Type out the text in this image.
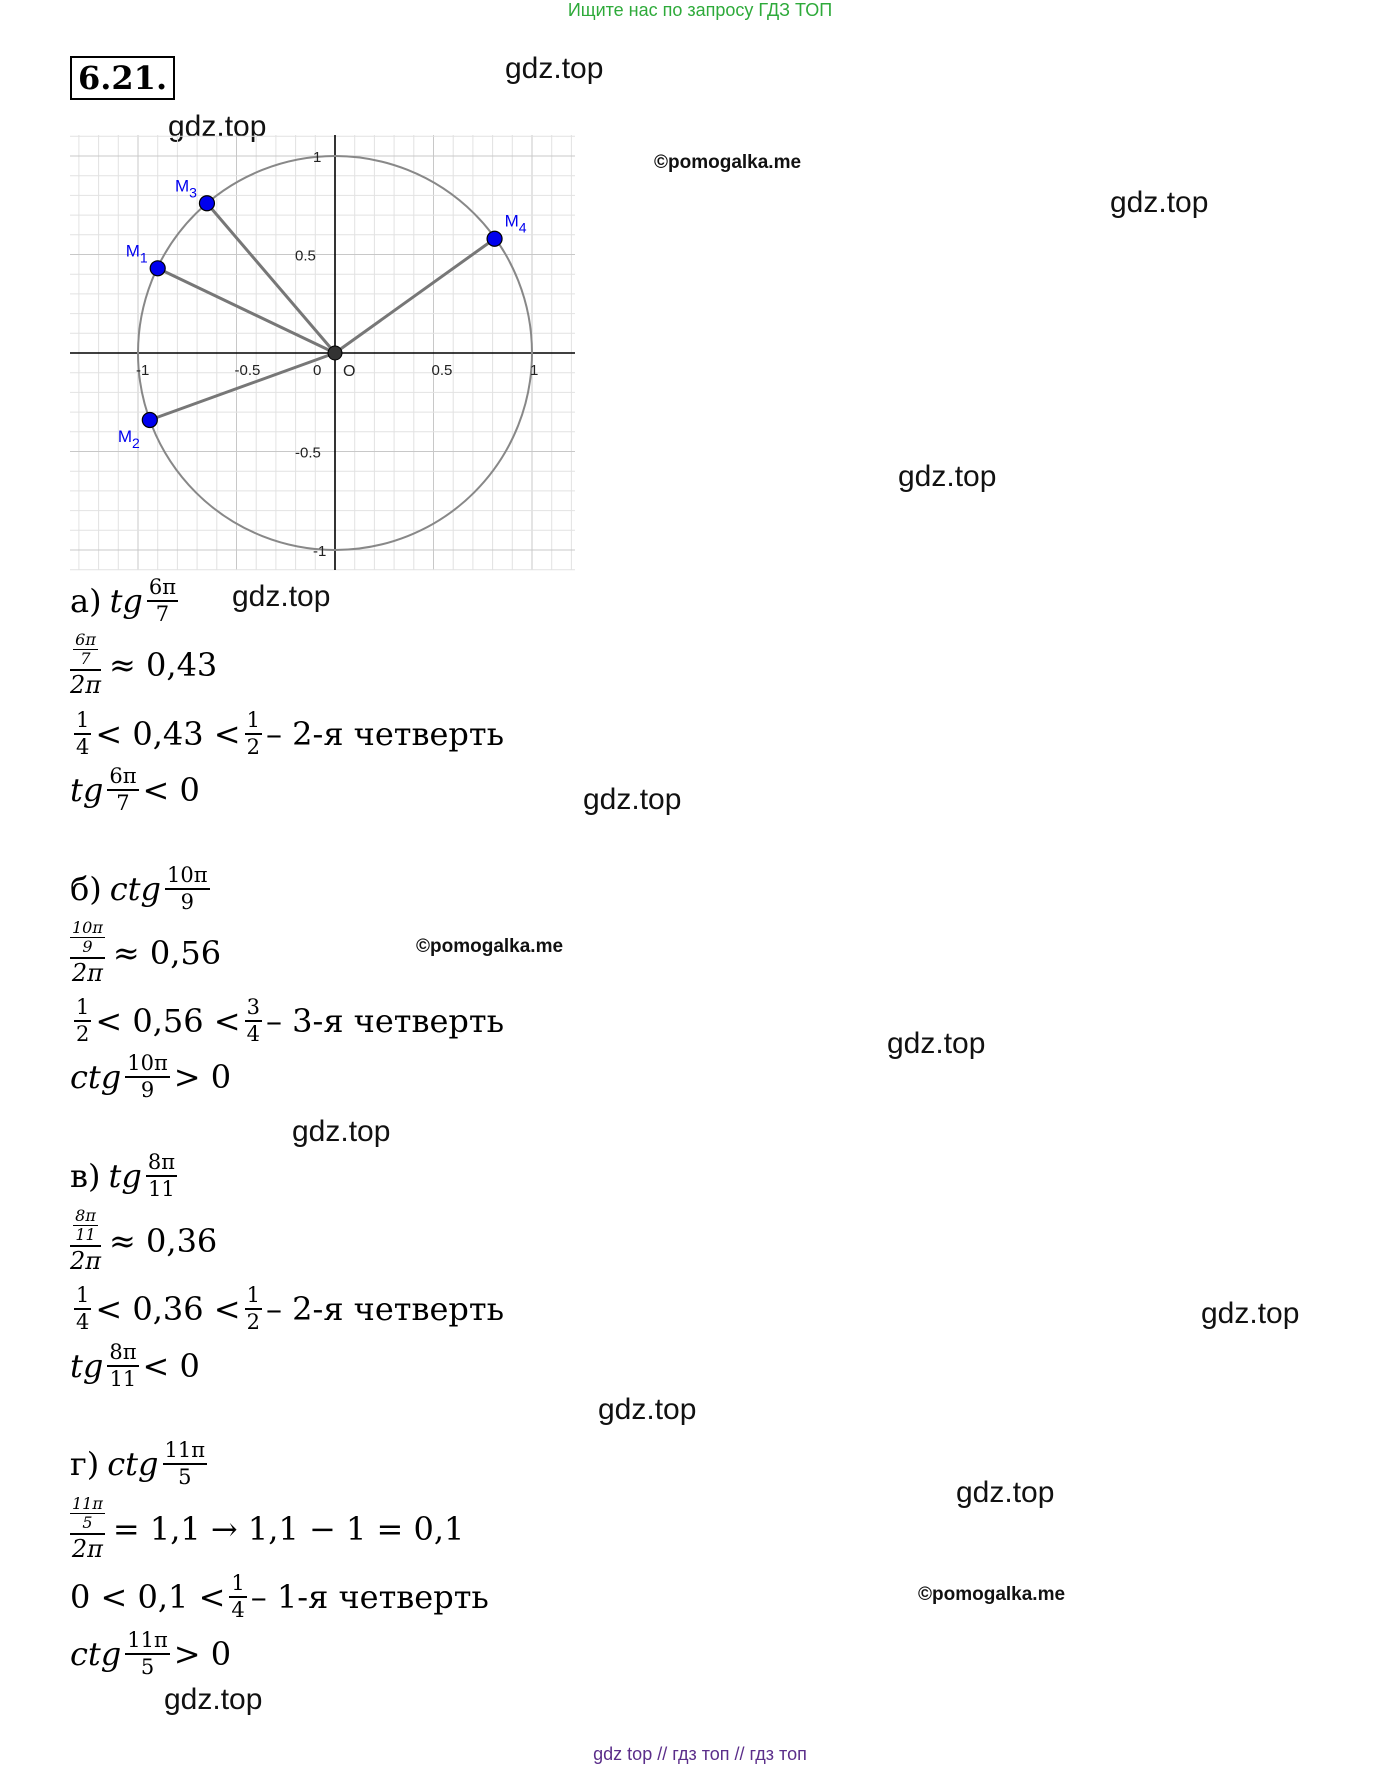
Ищите нас по запросу ГДЗ ТОП
6.21.	gdz.top
gdz.top
gdz.top
gdz.top
gdz.top
gdz.top
gdz.top
gdz.top
gdz.top
gdz.top
gdz.top
gdz.top
©pomogalka.me
©pomogalka.me
©pomogalka.me
-1	-0.5	0	0.5	1
1
0.5
-0.5
-1
O
$M_1$
$M_2$
$M_3$
$M_4$
а) tg $\frac{6\pi}{7}$
$\frac{6\pi}{7}$
2π
≈ 0,43
$\frac{1}{4} < 0,43 < \frac{1}{2} - 2-я$ четверть
tg $\frac{6\pi}{7} < 0$
б) ctg $\frac{10\pi}{9}$
$\frac{10\pi}{9}$
2π
≈ 0,56
$\frac{1}{2} < 0,56 < \frac{3}{4} - 3-я$ четверть
ctg $\frac{10\pi}{9} > 0$
в) tg $\frac{8\pi}{11}$
$\frac{8\pi}{11}$
2π
≈ 0,36
$\frac{1}{4} < 0,36 < \frac{1}{2} - 2-я$ четверть
tg $\frac{8\pi}{11} < 0$
г) ctg $\frac{11\pi}{5}$
$\frac{11\pi}{5}$
2π
= 1,1 → 1,1 − 1 = 0,1
$0 < 0,1 < \frac{1}{4} - 1-я$ четверть
ctg $\frac{11\pi}{5} > 0$
gdz top // гдз топ // гдз топ
